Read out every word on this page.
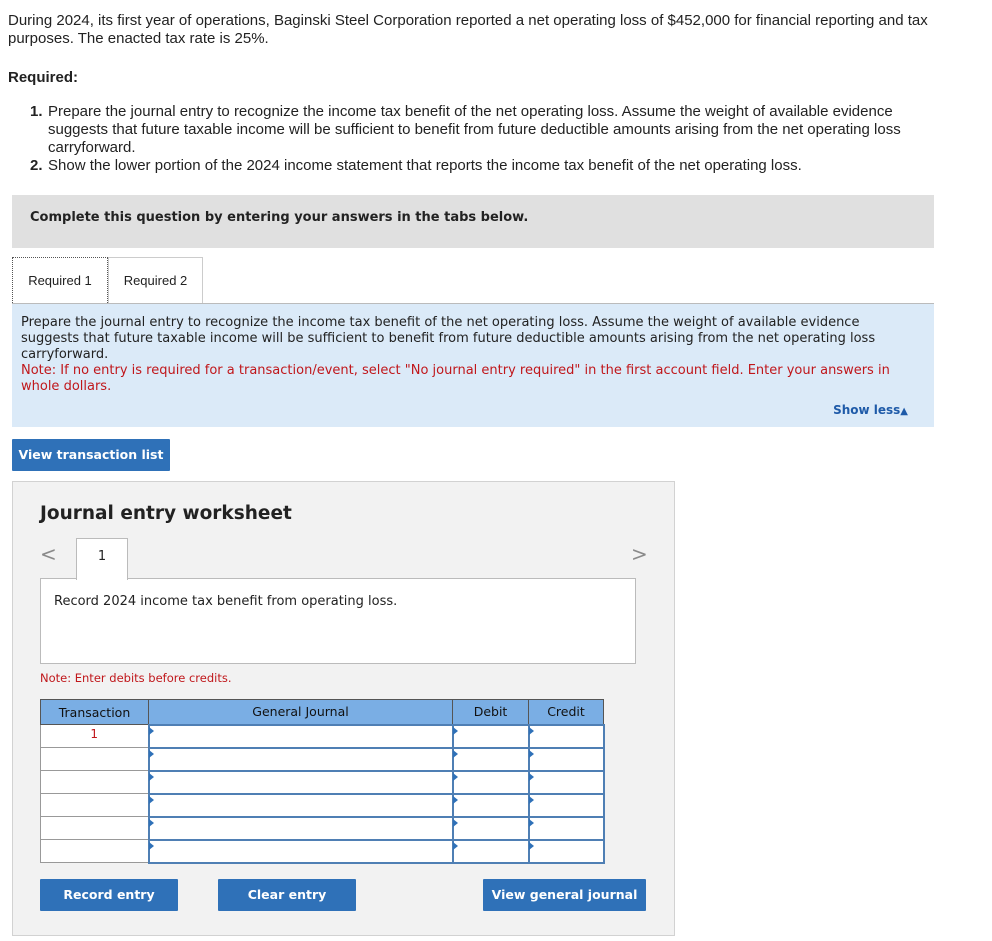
During 2024, its first year of operations, Baginski Steel Corporation reported a net operating loss of $452,000 for financial reporting and tax purposes. The enacted tax rate is 25%.
Required:
1. Prepare the journal entry to recognize the income tax benefit of the net operating loss. Assume the weight of available evidence suggests that future taxable income will be sufficient to benefit from future deductible amounts arising from the net operating loss carryforward.
2. Show the lower portion of the 2024 income statement that reports the income tax benefit of the net operating loss.
Complete this question by entering your answers in the tabs below.
Required 1	Required 2
Prepare the journal entry to recognize the income tax benefit of the net operating loss. Assume the weight of available evidence suggests that future taxable income will be sufficient to benefit from future deductible amounts arising from the net operating loss carryforward.
Note: If no entry is required for a transaction/event, select "No journal entry required" in the first account field. Enter your answers in whole dollars.
Show less▲
View transaction list
Journal entry worksheet
<	1	>
Record 2024 income tax benefit from operating loss.
Note: Enter debits before credits.
Transaction	General Journal	Debit	Credit
1	

Record entry	Clear entry	View general journal
